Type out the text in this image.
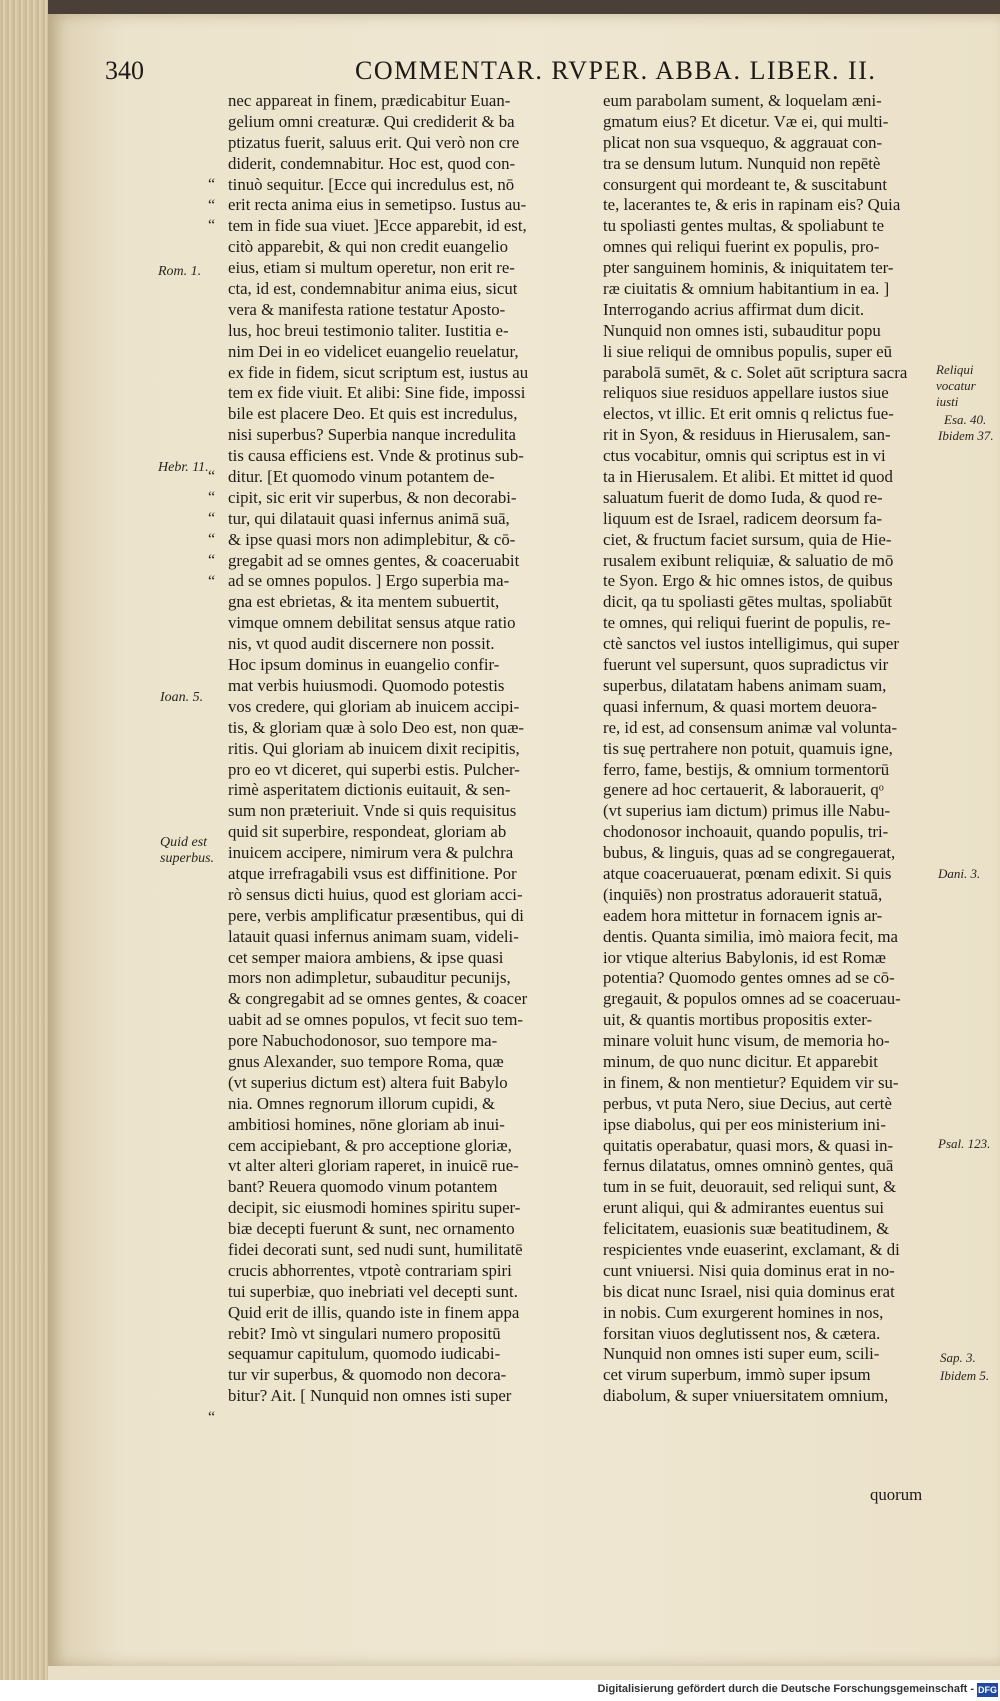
340	COMMENTAR. RVPER. ABBA. LIBER. II.
nec appareat in finem, prædicabitur Euan-
gelium omni creaturæ. Qui crediderit & ba
ptizatus fuerit, saluus erit. Qui verò non cre
diderit, condemnabitur. Hoc est, quod con-
tinuò sequitur. [Ecce qui incredulus est, nō
erit recta anima eius in semetipso. Iustus au-
tem in fide sua viuet. ]Ecce apparebit, id est,
citò apparebit, & qui non credit euangelio
eius, etiam si multum operetur, non erit re-
cta, id est, condemnabitur anima eius, sicut
vera & manifesta ratione testatur Aposto-
lus, hoc breui testimonio taliter. Iustitia e-
nim Dei in eo videlicet euangelio reuelatur,
ex fide in fidem, sicut scriptum est, iustus au
tem ex fide viuit. Et alibi: Sine fide, impossi
bile est placere Deo. Et quis est incredulus,
nisi superbus? Superbia nanque incredulita
tis causa efficiens est. Vnde & protinus sub-
ditur. [Et quomodo vinum potantem de-
cipit, sic erit vir superbus, & non decorabi-
tur, qui dilatauit quasi infernus animā suā,
& ipse quasi mors non adimplebitur, & cō-
gregabit ad se omnes gentes, & coaceruabit
ad se omnes populos. ] Ergo superbia ma-
gna est ebrietas, & ita mentem subuertit,
vimque omnem debilitat sensus atque ratio
nis, vt quod audit discernere non possit.
Hoc ipsum dominus in euangelio confir-
mat verbis huiusmodi. Quomodo potestis
vos credere, qui gloriam ab inuicem accipi-
tis, & gloriam quæ à solo Deo est, non quæ-
ritis. Qui gloriam ab inuicem dixit recipitis,
pro eo vt diceret, qui superbi estis. Pulcher-
rimè asperitatem dictionis euitauit, & sen-
sum non præteriuit. Vnde si quis requisitus
quid sit superbire, respondeat, gloriam ab
inuicem accipere, nimirum vera & pulchra
atque irrefragabili vsus est diffinitione. Por
rò sensus dicti huius, quod est gloriam acci-
pere, verbis amplificatur præsentibus, qui di
latauit quasi infernus animam suam, videli-
cet semper maiora ambiens, & ipse quasi
mors non adimpletur, subauditur pecunijs,
& congregabit ad se omnes gentes, & coacer
uabit ad se omnes populos, vt fecit suo tem-
pore Nabuchodonosor, suo tempore ma-
gnus Alexander, suo tempore Roma, quæ
(vt superius dictum est) altera fuit Babylo
nia. Omnes regnorum illorum cupidi, &
ambitiosi homines, nōne gloriam ab inui-
cem accipiebant, & pro acceptione gloriæ,
vt alter alteri gloriam raperet, in inuicē rue-
bant? Reuera quomodo vinum potantem
decipit, sic eiusmodi homines spiritu super-
biæ decepti fuerunt & sunt, nec ornamento
fidei decorati sunt, sed nudi sunt, humilitatē
crucis abhorrentes, vtpotè contrariam spiri
tui superbiæ, quo inebriati vel decepti sunt.
Quid erit de illis, quando iste in finem appa
rebit? Imò vt singulari numero propositū
sequamur capitulum, quomodo iudicabi-
tur vir superbus, & quomodo non decora-
bitur? Ait. [ Nunquid non omnes isti super
eum parabolam sument, & loquelam æni-
gmatum eius? Et dicetur. Væ ei, qui multi-
plicat non sua vsquequo, & aggrauat con-
tra se densum lutum. Nunquid non repētè
consurgent qui mordeant te, & suscitabunt
te, lacerantes te, & eris in rapinam eis? Quia
tu spoliasti gentes multas, & spoliabunt te
omnes qui reliqui fuerint ex populis, pro-
pter sanguinem hominis, & iniquitatem ter-
ræ ciuitatis & omnium habitantium in ea. ]
Interrogando acrius affirmat dum dicit.
Nunquid non omnes isti, subauditur popu
li siue reliqui de omnibus populis, super eū
parabolā sumēt, & c. Solet aūt scriptura sacra
reliquos siue residuos appellare iustos siue
electos, vt illic. Et erit omnis q relictus fue-
rit in Syon, & residuus in Hierusalem, san-
ctus vocabitur, omnis qui scriptus est in vi
ta in Hierusalem. Et alibi. Et mittet id quod
saluatum fuerit de domo Iuda, & quod re-
liquum est de Israel, radicem deorsum fa-
ciet, & fructum faciet sursum, quia de Hie-
rusalem exibunt reliquiæ, & saluatio de mō
te Syon. Ergo & hic omnes istos, de quibus
dicit, qa tu spoliasti gētes multas, spoliabūt
te omnes, qui reliqui fuerint de populis, re-
ctè sanctos vel iustos intelligimus, qui super
fuerunt vel supersunt, quos supradictus vir
superbus, dilatatam habens animam suam,
quasi infernum, & quasi mortem deuora-
re, id est, ad consensum animæ val volunta-
tis suę pertrahere non potuit, quamuis igne,
ferro, fame, bestijs, & omnium tormentorū
genere ad hoc certauerit, & laborauerit, qᵒ
(vt superius iam dictum) primus ille Nabu-
chodonosor inchoauit, quando populis, tri-
bubus, & linguis, quas ad se congregauerat,
atque coaceruauerat, pœnam edixit. Si quis
(inquiēs) non prostratus adorauerit statuā,
eadem hora mittetur in fornacem ignis ar-
dentis. Quanta similia, imò maiora fecit, ma
ior vtique alterius Babylonis, id est Romæ
potentia? Quomodo gentes omnes ad se cō-
gregauit, & populos omnes ad se coaceruau-
uit, & quantis mortibus propositis exter-
minare voluit hunc visum, de memoria ho-
minum, de quo nunc dicitur. Et apparebit
in finem, & non mentietur? Equidem vir su-
perbus, vt puta Nero, siue Decius, aut certè
ipse diabolus, qui per eos ministerium ini-
quitatis operabatur, quasi mors, & quasi in-
fernus dilatatus, omnes omninò gentes, quā
tum in se fuit, deuorauit, sed reliqui sunt, &
erunt aliqui, qui & admirantes euentus sui
felicitatem, euasionis suæ beatitudinem, &
respicientes vnde euaserint, exclamant, & di
cunt vniuersi. Nisi quia dominus erat in no-
bis dicat nunc Israel, nisi quia dominus erat
in nobis. Cum exurgerent homines in nos,
forsitan viuos deglutissent nos, & cætera.
Nunquid non omnes isti super eum, scili-
cet virum superbum, immò super ipsum
diabolum, & super vniuersitatem omnium,
Rom. 1.
Hebr. 11.
Ioan. 5.
Quid est superbus.
Reliqui vocatur iusti
Esa. 40.
Ibidem 37.
Dani. 3.
Psal. 123.
Sap. 3.
Ibidem 5.
“
“
“
“
“
“
“
“
“
“
quorum
Digitalisierung gefördert durch die Deutsche Forschungsgemeinschaft - DFG
